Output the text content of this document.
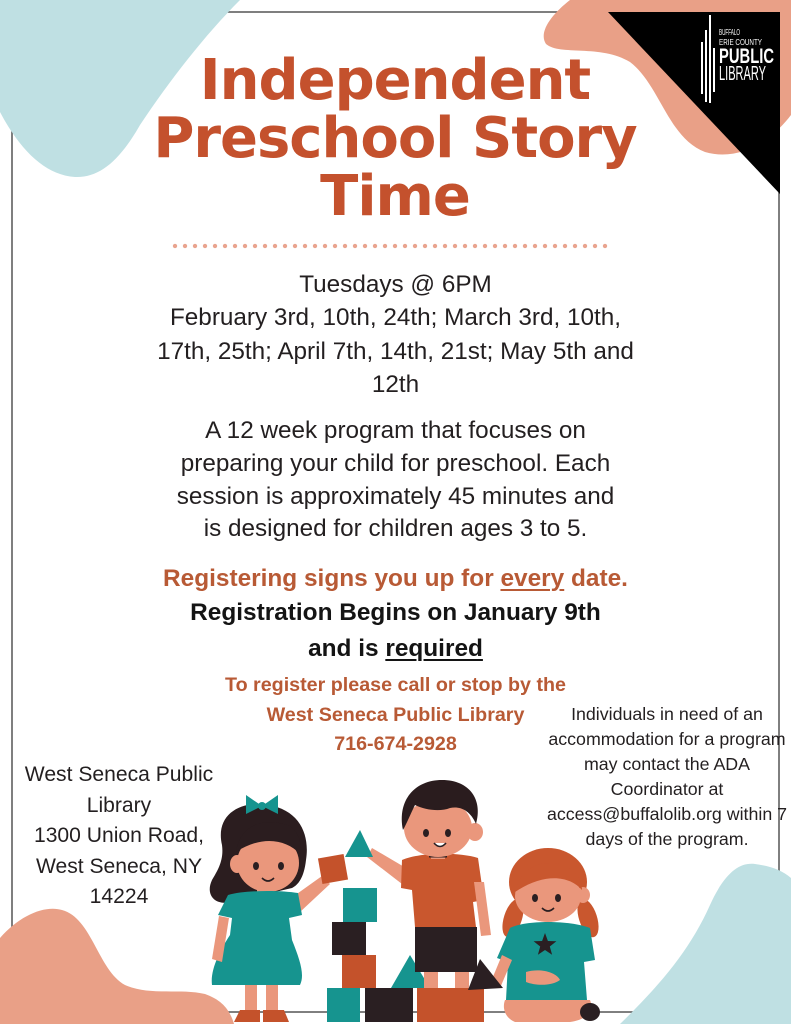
BUFFALO
ERIE COUNTY
PUBLIC
LIBRARY
Independent Preschool Story Time
Tuesdays @ 6PM
February 3rd, 10th, 24th; March 3rd, 10th, 17th, 25th; April 7th, 14th, 21st; May 5th and 12th
A 12 week program that focuses on preparing your child for preschool. Each session is approximately 45 minutes and is designed for children ages 3 to 5.
Registering signs you up for every date.
Registration Begins on January 9th and is required
To register please call or stop by the
West Seneca Public Library
716-674-2928
West Seneca Public Library
1300 Union Road,
West Seneca, NY 14224
Individuals in need of an accommodation for a program may contact the ADA Coordinator at access@buffalolib.org within 7 days of the program.
